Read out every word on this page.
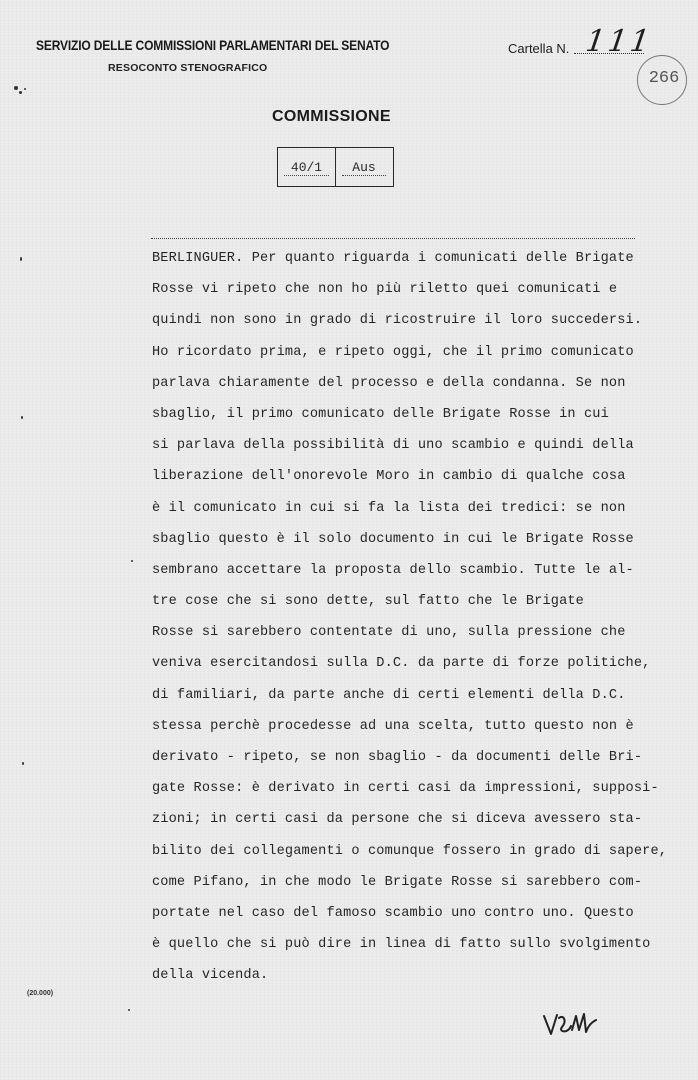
SERVIZIO DELLE COMMISSIONI PARLAMENTARI DEL SENATO
RESOCONTO STENOGRAFICO
Cartella N. 111
266
COMMISSIONE
40/1	Aus
BERLINGUER. Per quanto riguarda i comunicati delle Brigate
Rosse vi ripeto che non ho più riletto quei comunicati e
quindi non sono in grado di ricostruire il loro succedersi.
Ho ricordato prima, e ripeto oggi, che il primo comunicato
parlava chiaramente del processo e della condanna. Se non
sbaglio, il primo comunicato delle Brigate Rosse in cui
si parlava della possibilità di uno scambio e quindi della
liberazione dell'onorevole Moro in cambio di qualche cosa
è il comunicato in cui si fa la lista dei tredici: se non
sbaglio questo è il solo documento in cui le Brigate Rosse
sembrano accettare la proposta dello scambio. Tutte le al-
tre cose che si sono dette, sul fatto che le Brigate
Rosse si sarebbero contentate di uno, sulla pressione che
veniva esercitandosi sulla D.C. da parte di forze politiche,
di familiari, da parte anche di certi elementi della D.C.
stessa perchè procedesse ad una scelta, tutto questo non è
derivato - ripeto, se non sbaglio - da documenti delle Bri-
gate Rosse: è derivato in certi casi da impressioni, supposi-
zioni; in certi casi da persone che si diceva avessero sta-
bilito dei collegamenti o comunque fossero in grado di sapere,
come Pifano, in che modo le Brigate Rosse si sarebbero com-
portate nel caso del famoso scambio uno contro uno. Questo
è quello che si può dire in linea di fatto sullo svolgimento
della vicenda.
(20.000)
